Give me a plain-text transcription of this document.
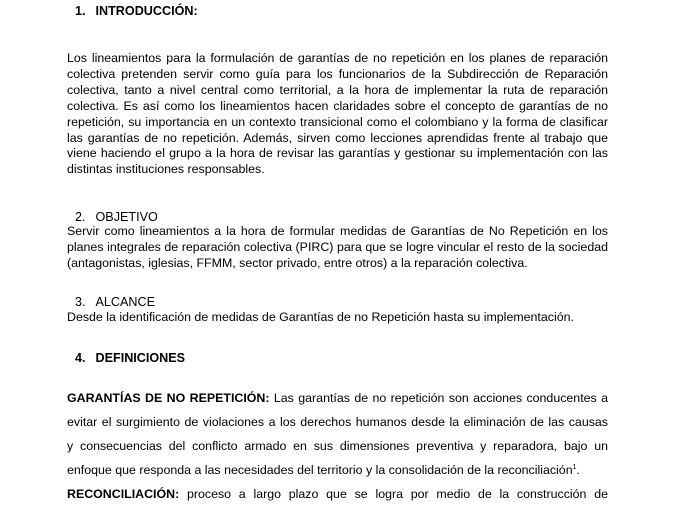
1. INTRODUCCIÓN:
Los lineamientos para la formulación de garantías de no repetición en los planes de reparación
colectiva pretenden servir como guía para los funcionarios de la Subdirección de Reparación
colectiva, tanto a nivel central como territorial, a la hora de implementar la ruta de reparación
colectiva. Es así como los lineamientos hacen claridades sobre el concepto de garantías de no
repetición, su importancia en un contexto transicional como el colombiano y la forma de clasificar
las garantías de no repetición. Además, sirven como lecciones aprendidas frente al trabajo que
viene haciendo el grupo a la hora de revisar las garantías y gestionar su implementación con las
distintas instituciones responsables.
2. OBJETIVO
Servir como lineamientos a la hora de formular medidas de Garantías de No Repetición en los
planes integrales de reparación colectiva (PIRC) para que se logre vincular el resto de la sociedad
(antagonistas, iglesias, FFMM, sector privado, entre otros) a la reparación colectiva.
3. ALCANCE
Desde la identificación de medidas de Garantías de no Repetición hasta su implementación.
4. DEFINICIONES
GARANTÍAS DE NO REPETICIÓN: Las garantías de no repetición son acciones conducentes a
evitar el surgimiento de violaciones a los derechos humanos desde la eliminación de las causas
y consecuencias del conflicto armado en sus dimensiones preventiva y reparadora, bajo un
enfoque que responda a las necesidades del territorio y la consolidación de la reconciliación$^1$.
RECONCILIACIÓN: proceso a largo plazo que se logra por medio de la construcción de
